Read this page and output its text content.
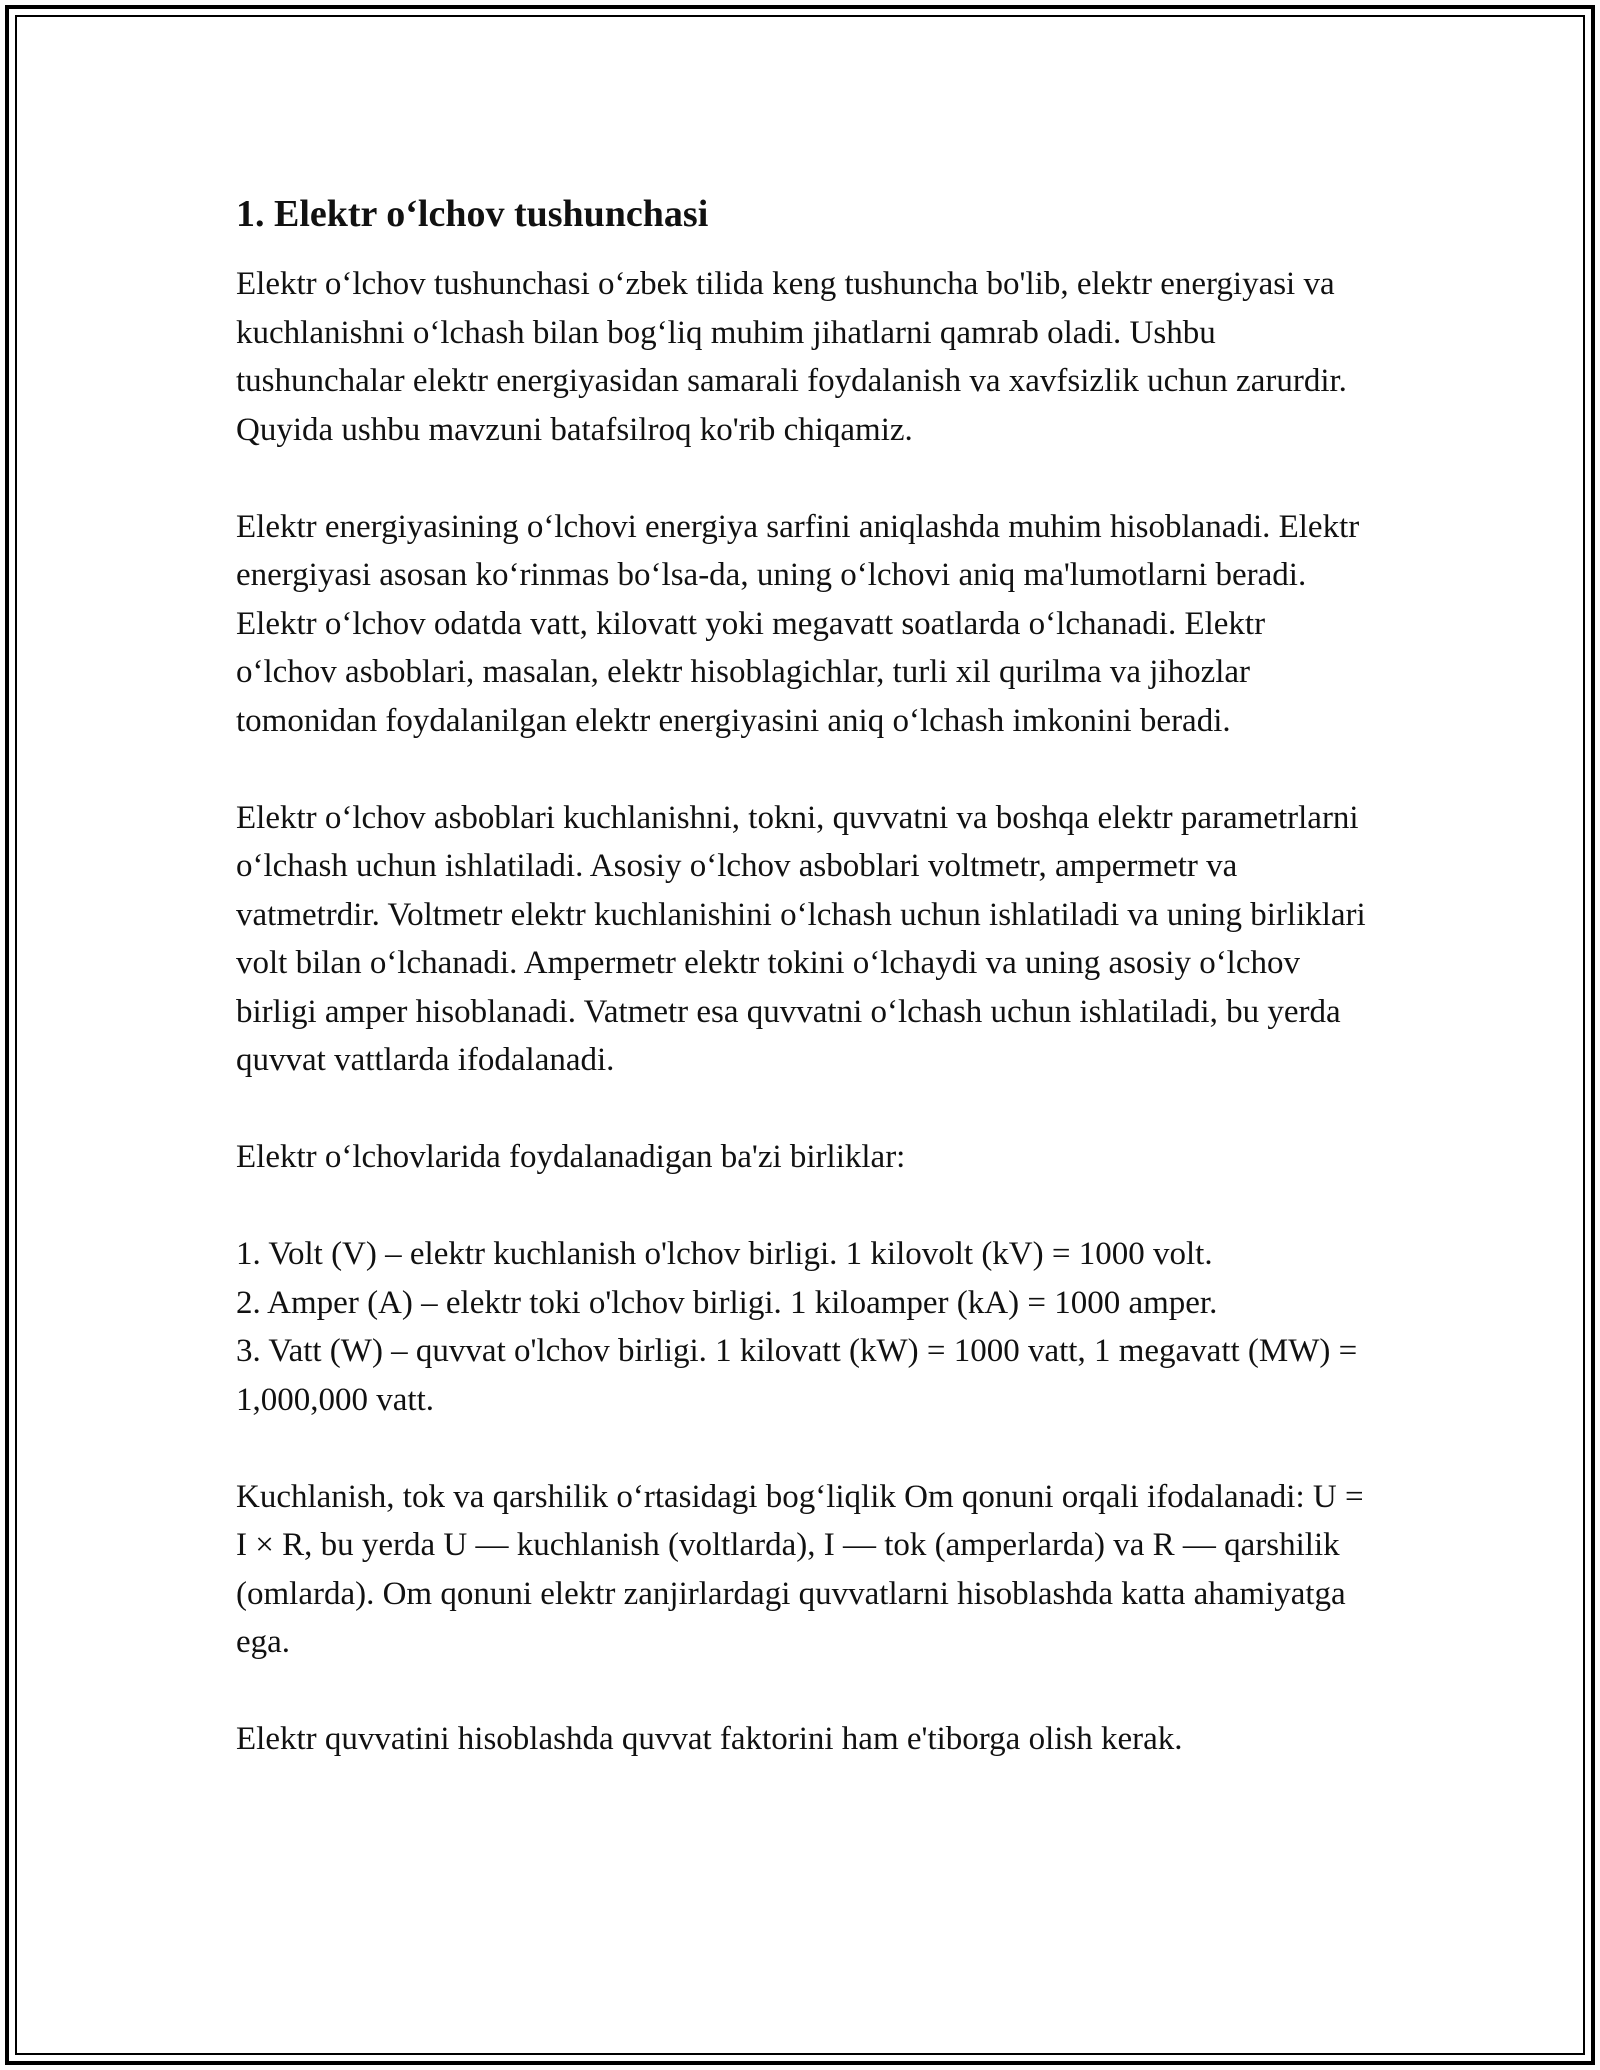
1. Elektr o‘lchov tushunchasi

Elektr o‘lchov tushunchasi o‘zbek tilida keng tushuncha bo'lib, elektr energiyasi va kuchlanishni o‘lchash bilan bog‘liq muhim jihatlarni qamrab oladi. Ushbu tushunchalar elektr energiyasidan samarali foydalanish va xavfsizlik uchun zarurdir. Quyida ushbu mavzuni batafsilroq ko'rib chiqamiz.

Elektr energiyasining o‘lchovi energiya sarfini aniqlashda muhim hisoblanadi. Elektr energiyasi asosan ko‘rinmas bo‘lsa-da, uning o‘lchovi aniq ma'lumotlarni beradi. Elektr o‘lchov odatda vatt, kilovatt yoki megavatt soatlarda o‘lchanadi. Elektr o‘lchov asboblari, masalan, elektr hisoblagichlar, turli xil qurilma va jihozlar tomonidan foydalanilgan elektr energiyasini aniq o‘lchash imkonini beradi.

Elektr o‘lchov asboblari kuchlanishni, tokni, quvvatni va boshqa elektr parametrlarni o‘lchash uchun ishlatiladi. Asosiy o‘lchov asboblari voltmetr, ampermetr va vatmetrdir. Voltmetr elektr kuchlanishini o‘lchash uchun ishlatiladi va uning birliklari volt bilan o‘lchanadi. Ampermetr elektr tokini o‘lchaydi va uning asosiy o‘lchov birligi amper hisoblanadi. Vatmetr esa quvvatni o‘lchash uchun ishlatiladi, bu yerda quvvat vattlarda ifodalanadi.

Elektr o‘lchovlarida foydalanadigan ba'zi birliklar:

1. Volt (V) – elektr kuchlanish o'lchov birligi. 1 kilovolt (kV) = 1000 volt.

2. Amper (A) – elektr toki o'lchov birligi. 1 kiloamper (kA) = 1000 amper.

3. Vatt (W) – quvvat o'lchov birligi. 1 kilovatt (kW) = 1000 vatt, 1 megavatt (MW) = 1,000,000 vatt.

Kuchlanish, tok va qarshilik o‘rtasidagi bog‘liqlik Om qonuni orqali ifodalanadi: U = I × R, bu yerda U — kuchlanish (voltlarda), I — tok (amperlarda) va R — qarshilik (omlarda). Om qonuni elektr zanjirlardagi quvvatlarni hisoblashda katta ahamiyatga ega.

Elektr quvvatini hisoblashda quvvat faktorini ham e'tiborga olish kerak.
